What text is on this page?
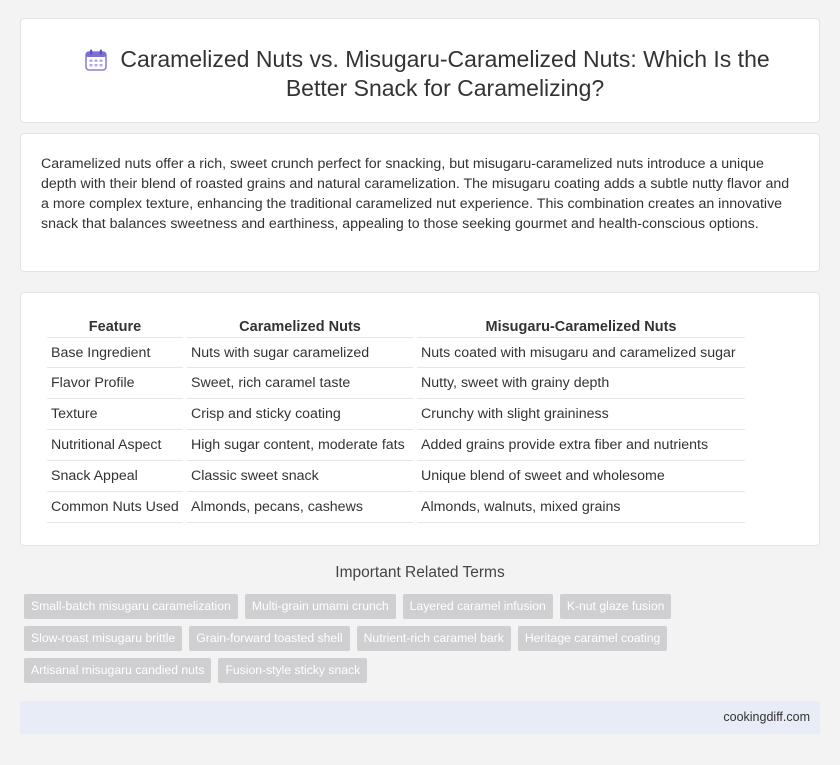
Caramelized Nuts vs. Misugaru-Caramelized Nuts: Which Is the Better Snack for Caramelizing?

Caramelized nuts offer a rich, sweet crunch perfect for snacking, but misugaru-caramelized nuts introduce a unique depth with their blend of roasted grains and natural caramelization. The misugaru coating adds a subtle nutty flavor and a more complex texture, enhancing the traditional caramelized nut experience. This combination creates an innovative snack that balances sweetness and earthiness, appealing to those seeking gourmet and health-conscious options.

Feature	Caramelized Nuts	Misugaru-Caramelized Nuts
Base Ingredient	Nuts with sugar caramelized	Nuts coated with misugaru and caramelized sugar
Flavor Profile	Sweet, rich caramel taste	Nutty, sweet with grainy depth
Texture	Crisp and sticky coating	Crunchy with slight graininess
Nutritional Aspect	High sugar content, moderate fats	Added grains provide extra fiber and nutrients
Snack Appeal	Classic sweet snack	Unique blend of sweet and wholesome
Common Nuts Used	Almonds, pecans, cashews	Almonds, walnuts, mixed grains
Important Related Terms
Small-batch misugaru caramelization	Multi-grain umami crunch	Layered caramel infusion	K-nut glaze fusion
Slow-roast misugaru brittle	Grain-forward toasted shell	Nutrient-rich caramel bark	Heritage caramel coating
Artisanal misugaru candied nuts	Fusion-style sticky snack
cookingdiff.com
